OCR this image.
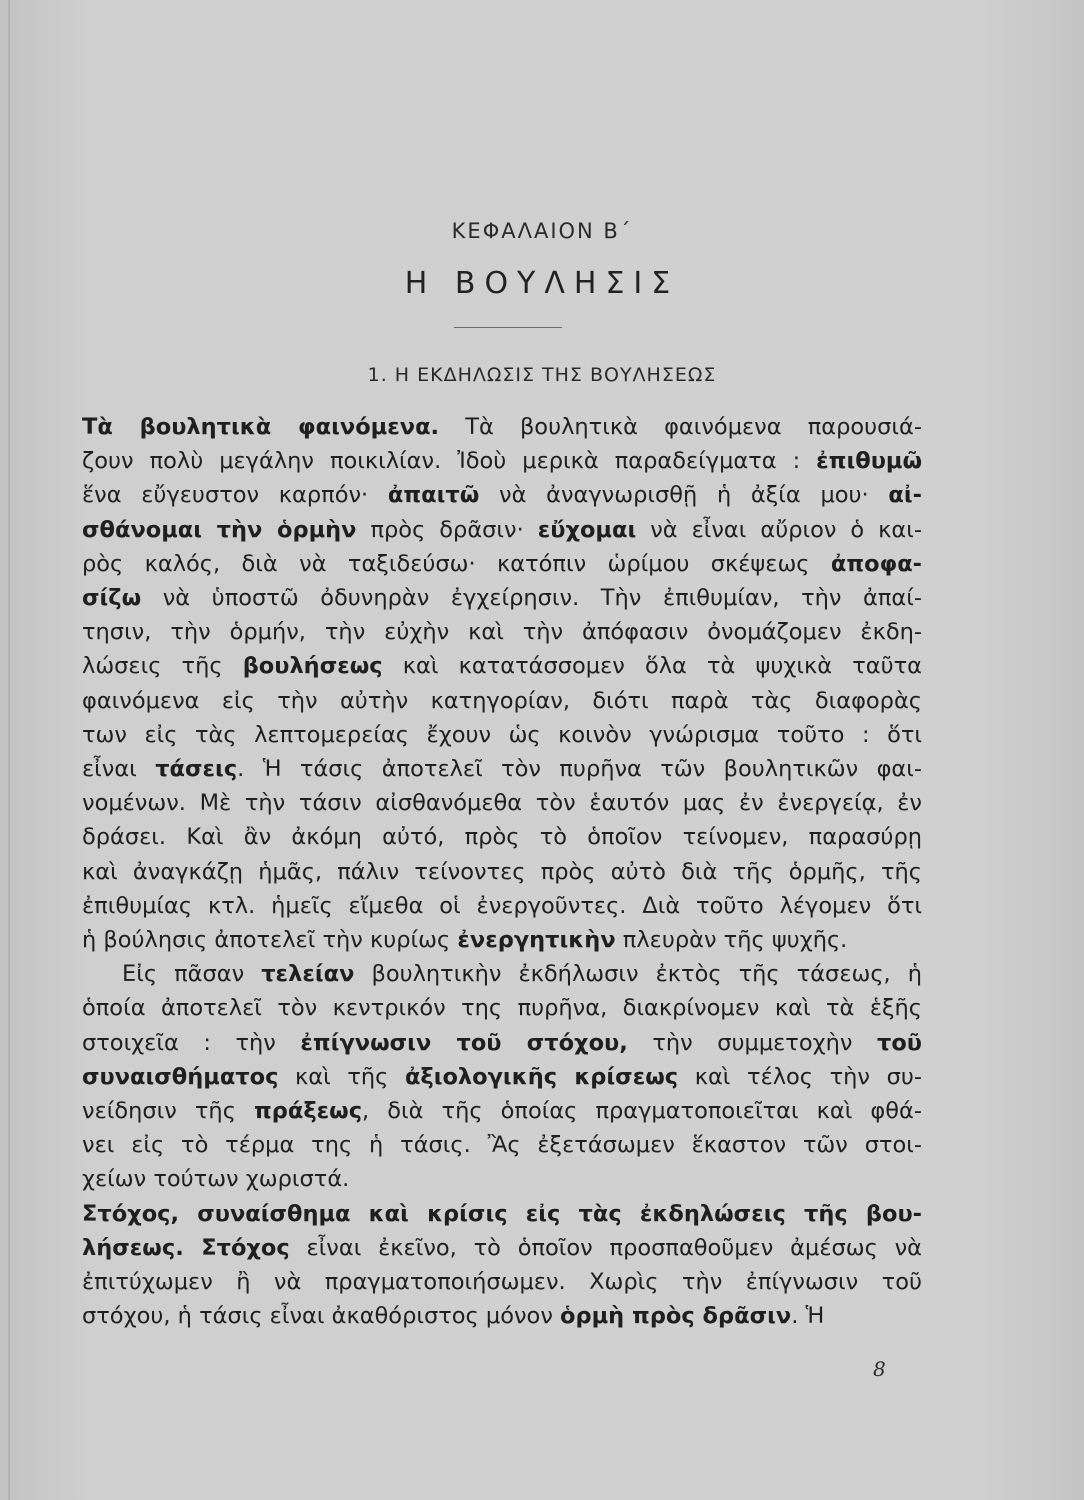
ΚΕΦΑΛΑΙΟΝ Β΄
Η ΒΟΥΛΗΣΙΣ
1. Η ΕΚΔΗΛΩΣΙΣ ΤΗΣ ΒΟΥΛΗΣΕΩΣ
Τὰ βουλητικὰ φαινόμενα. Τὰ βουλητικὰ φαινόμενα παρουσιά-
ζουν πολὺ μεγάλην ποικιλίαν. Ἰδοὺ μερικὰ παραδείγματα : ἐπιθυμῶ
ἕνα εὔγευστον καρπόν· ἀπαιτῶ νὰ ἀναγνωρισθῇ ἡ ἀξία μου· αἰ-
σθάνομαι τὴν ὁρμὴν πρὸς δρᾶσιν· εὔχομαι νὰ εἶναι αὔριον ὁ και-
ρὸς καλός, διὰ νὰ ταξιδεύσω· κατόπιν ὡρίμου σκέψεως ἀποφα-
σίζω νὰ ὑποστῶ ὀδυνηρὰν ἐγχείρησιν. Τὴν ἐπιθυμίαν, τὴν ἀπαί-
τησιν, τὴν ὁρμήν, τὴν εὐχὴν καὶ τὴν ἀπόφασιν ὀνομάζομεν ἐκδη-
λώσεις τῆς βουλήσεως καὶ κατατάσσομεν ὅλα τὰ ψυχικὰ ταῦτα
φαινόμενα εἰς τὴν αὐτὴν κατηγορίαν, διότι παρὰ τὰς διαφορὰς
των εἰς τὰς λεπτομερείας ἔχουν ὡς κοινὸν γνώρισμα τοῦτο : ὅτι
εἶναι τάσεις. Ἡ τάσις ἀποτελεῖ τὸν πυρῆνα τῶν βουλητικῶν φαι-
νομένων. Μὲ τὴν τάσιν αἰσθανόμεθα τὸν ἑαυτόν μας ἐν ἐνεργείᾳ, ἐν
δράσει. Καὶ ἂν ἀκόμη αὐτό, πρὸς τὸ ὁποῖον τείνομεν, παρασύρῃ
καὶ ἀναγκάζῃ ἡμᾶς, πάλιν τείνοντες πρὸς αὐτὸ διὰ τῆς ὁρμῆς, τῆς
ἐπιθυμίας κτλ. ἡμεῖς εἴμεθα οἱ ἐνεργοῦντες. Διὰ τοῦτο λέγομεν ὅτι
ἡ βούλησις ἀποτελεῖ τὴν κυρίως ἐνεργητικὴν πλευρὰν τῆς ψυχῆς.
Εἰς πᾶσαν τελείαν βουλητικὴν ἐκδήλωσιν ἐκτὸς τῆς τάσεως, ἡ
ὁποία ἀποτελεῖ τὸν κεντρικόν της πυρῆνα, διακρίνομεν καὶ τὰ ἑξῆς
στοιχεῖα : τὴν ἐπίγνωσιν τοῦ στόχου, τὴν συμμετοχὴν τοῦ
συναισθήματος καὶ τῆς ἀξιολογικῆς κρίσεως καὶ τέλος τὴν συ-
νείδησιν τῆς πράξεως, διὰ τῆς ὁποίας πραγματοποιεῖται καὶ φθά-
νει εἰς τὸ τέρμα της ἡ τάσις. Ἂς ἐξετάσωμεν ἕκαστον τῶν στοι-
χείων τούτων χωριστά.
Στόχος, συναίσθημα καὶ κρίσις εἰς τὰς ἐκδηλώσεις τῆς βου-
λήσεως. Στόχος εἶναι ἐκεῖνο, τὸ ὁποῖον προσπαθοῦμεν ἀμέσως νὰ
ἐπιτύχωμεν ἢ νὰ πραγματοποιήσωμεν. Χωρὶς τὴν ἐπίγνωσιν τοῦ
στόχου, ἡ τάσις εἶναι ἀκαθόριστος μόνον ὁρμὴ πρὸς δρᾶσιν. Ἡ
8
